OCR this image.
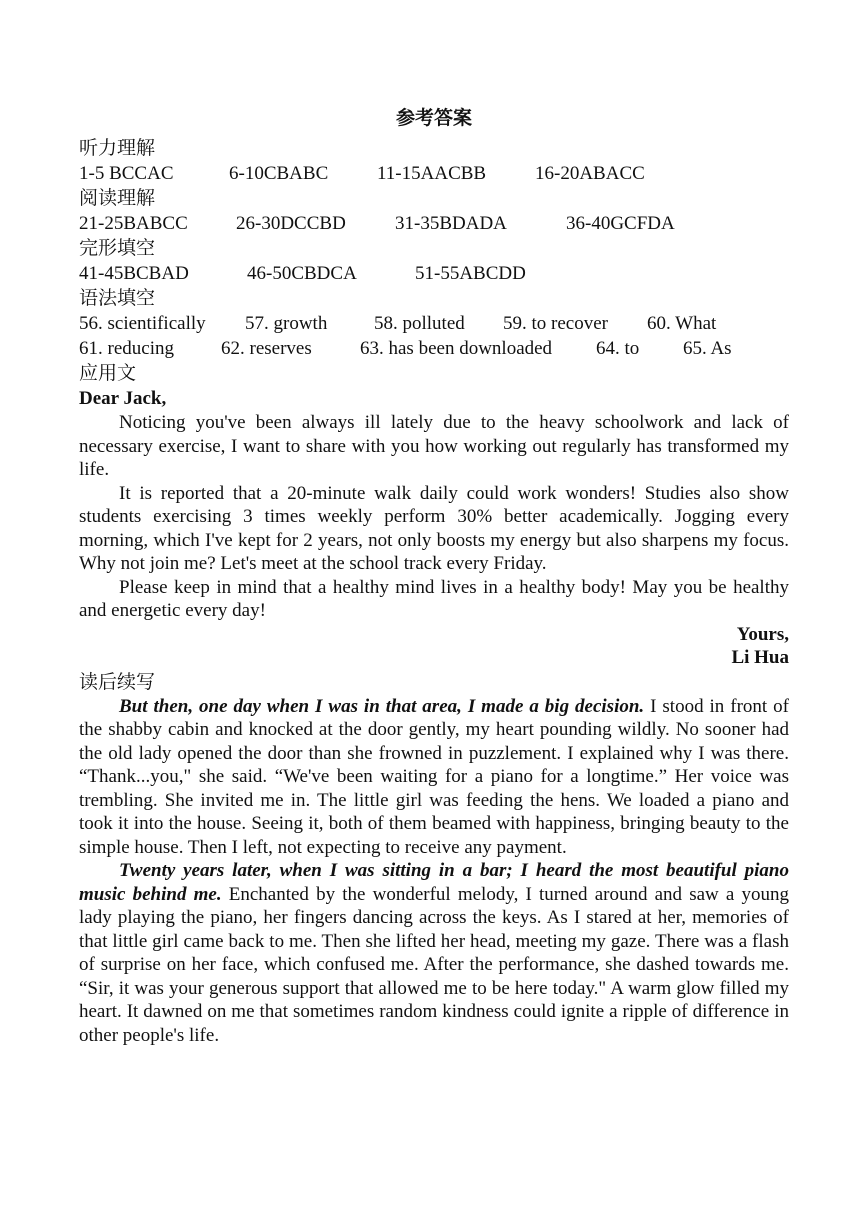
参考答案
听力理解
1-5 BCCAC	6-10CBABC	11-15AACBB	16-20ABACC
阅读理解
21-25BABCC	26-30DCCBD	31-35BDADA	36-40GCFDA
完形填空
41-45BCBAD	46-50CBDCA	51-55ABCDD
语法填空
56. scientifically	57. growth	58. polluted	59. to recover	60. What
61. reducing	62. reserves	63. has been downloaded	64. to	65. As
应用文
Dear Jack,

Noticing you've been always ill lately due to the heavy schoolwork and lack of necessary exercise, I want to share with you how working out regularly has transformed my life.

It is reported that a 20-minute walk daily could work wonders! Studies also show students exercising 3 times weekly perform 30% better academically. Jogging every morning, which I've kept for 2 years, not only boosts my energy but also sharpens my focus. Why not join me? Let's meet at the school track every Friday.

Please keep in mind that a healthy mind lives in a healthy body! May you be healthy and energetic every day!

Yours,
Li Hua
读后续写

But then, one day when I was in that area, I made a big decision. I stood in front of the shabby cabin and knocked at the door gently, my heart pounding wildly. No sooner had the old lady opened the door than she frowned in puzzlement. I explained why I was there. “Thank...you," she said. “We've been waiting for a piano for a longtime.” Her voice was trembling. She invited me in. The little girl was feeding the hens. We loaded a piano and took it into the house. Seeing it, both of them beamed with happiness, bringing beauty to the simple house. Then I left, not expecting to receive any payment.

Twenty years later, when I was sitting in a bar; I heard the most beautiful piano music behind me. Enchanted by the wonderful melody, I turned around and saw a young lady playing the piano, her fingers dancing across the keys. As I stared at her, memories of that little girl came back to me. Then she lifted her head, meeting my gaze. There was a flash of surprise on her face, which confused me. After the performance, she dashed towards me. “Sir, it was your generous support that allowed me to be here today." A warm glow filled my heart. It dawned on me that sometimes random kindness could ignite a ripple of difference in other people's life.
